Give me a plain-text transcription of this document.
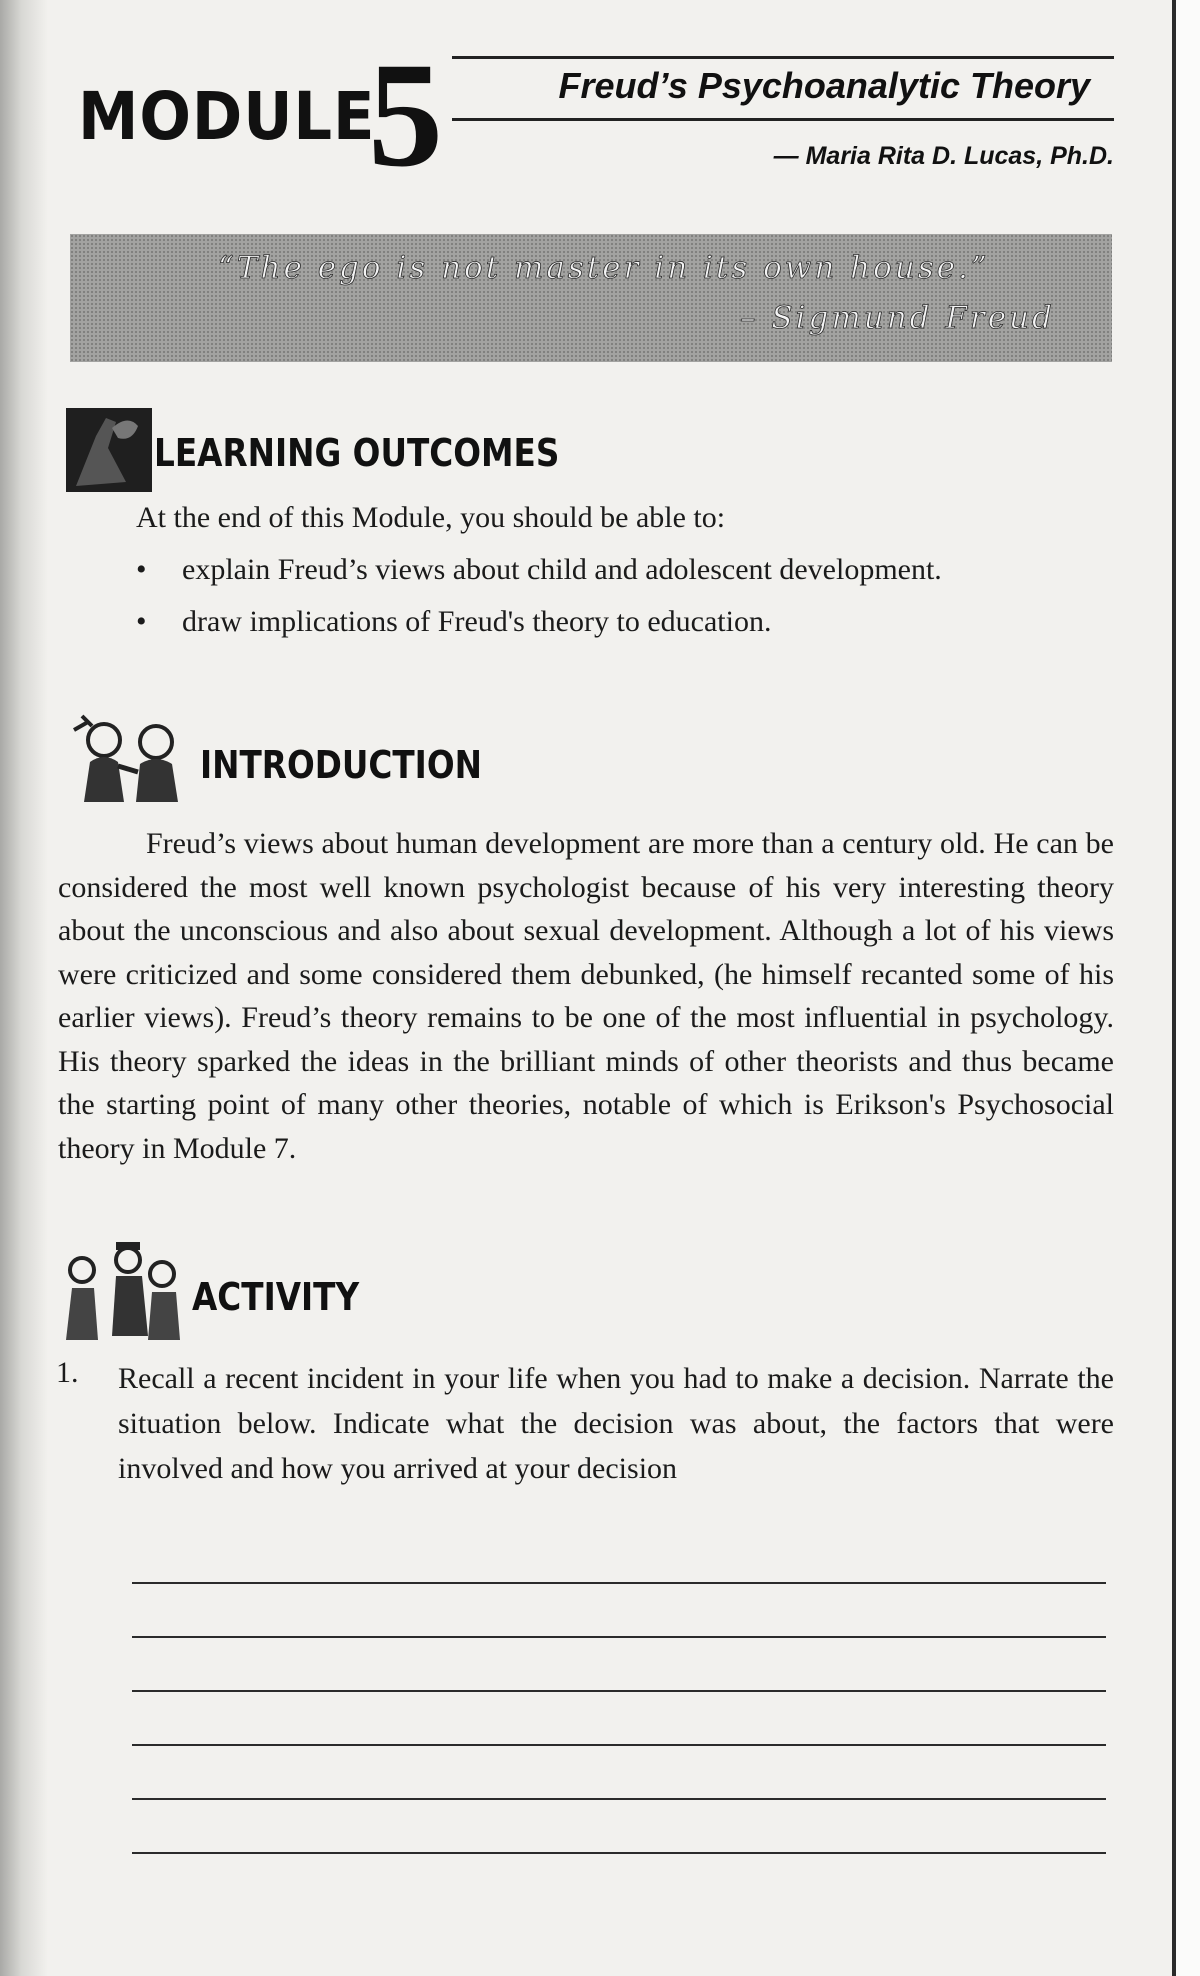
MODULE
5	Freud’s Psychoanalytic Theory
— Maria Rita D. Lucas, Ph.D.
“The ego is not master in its own house.”
– Sigmund Freud
LEARNING OUTCOMES
At the end of this Module, you should be able to:
• explain Freud’s views about child and adolescent development.
• draw implications of Freud's theory to education.
INTRODUCTION
Freud’s views about human development are more than a century old. He can be considered the most well known psychologist because of his very interesting theory about the unconscious and also about sexual development. Although a lot of his views were criticized and some considered them debunked, (he himself recanted some of his earlier views). Freud’s theory remains to be one of the most influential in psychology. His theory sparked the ideas in the brilliant minds of other theorists and thus became the starting point of many other theories, notable of which is Erikson's Psychosocial theory in Module 7.
ACTIVITY
1. Recall a recent incident in your life when you had to make a decision. Narrate the situation below. Indicate what the decision was about, the factors that were involved and how you arrived at your decision
